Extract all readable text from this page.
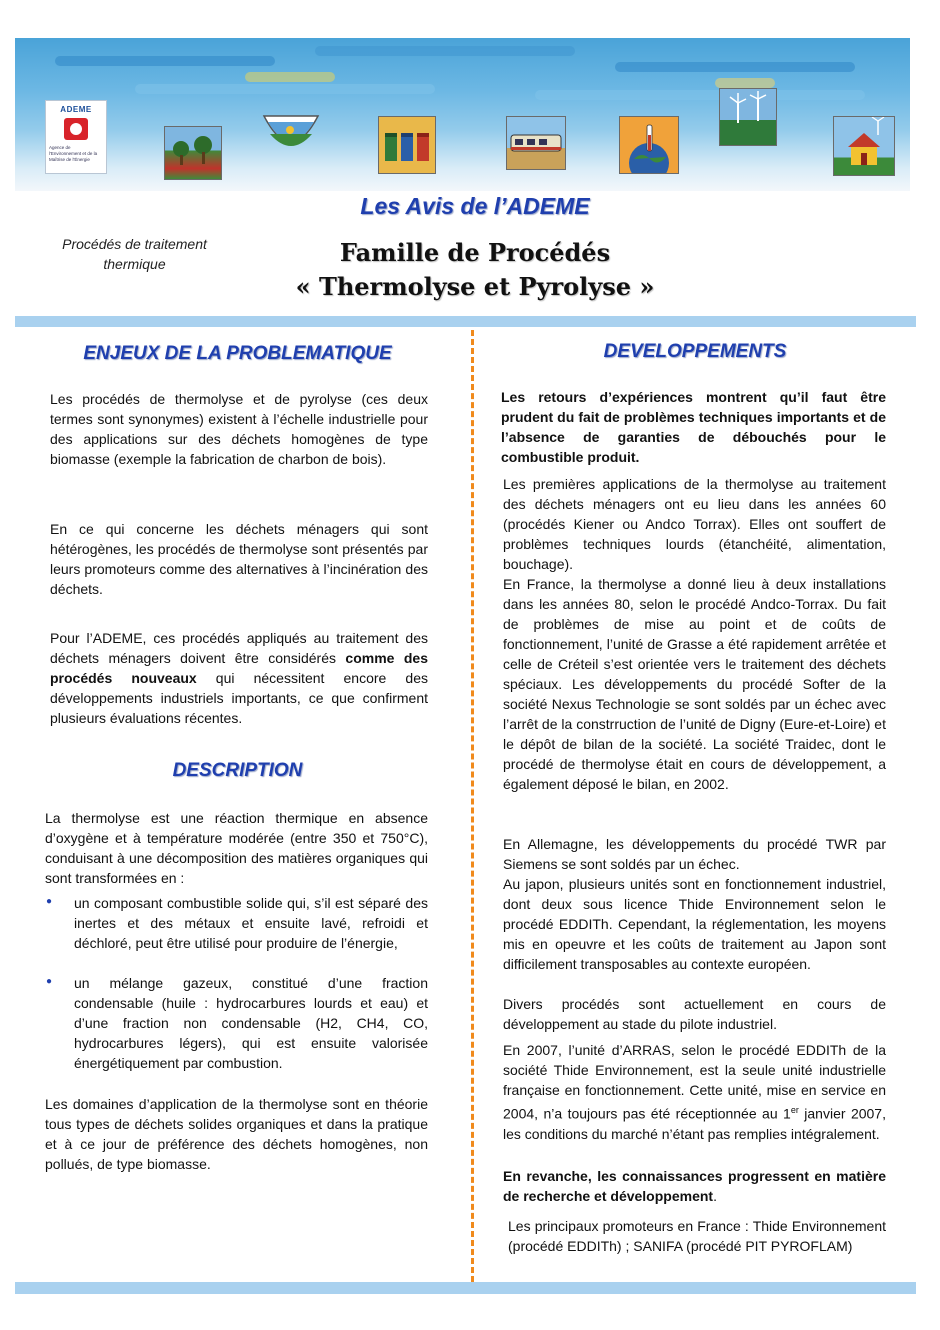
ADEME
Agence de l'Environnement et de la Maîtrise de l'Énergie
Les Avis de l’ADEME
Procédés de traitement
thermique	Famille de Procédés
« Thermolyse et Pyrolyse »
ENJEUX DE LA PROBLEMATIQUE
Les procédés de thermolyse et de pyrolyse (ces deux termes sont synonymes) existent à l’échelle industrielle pour des applications sur des déchets homogènes de type biomasse (exemple la fabrication de charbon de bois).
En ce qui concerne les déchets ménagers qui sont hétérogènes, les procédés de thermolyse sont présentés par leurs promoteurs comme des alternatives à l’incinération des déchets.
Pour l’ADEME, ces procédés appliqués au traitement des déchets ménagers doivent être considérés comme des procédés nouveaux qui nécessitent encore des développements industriels importants, ce que confirment plusieurs évaluations récentes.
DESCRIPTION
La thermolyse est une réaction thermique en absence d’oxygène et à température modérée (entre 350 et 750°C), conduisant à une décomposition des matières organiques qui sont transformées en :
● un composant combustible solide qui, s’il est séparé des inertes et des métaux et ensuite lavé, refroidi et déchloré, peut être utilisé pour produire de l’énergie,
● un mélange gazeux, constitué d’une fraction condensable (huile : hydrocarbures lourds et eau) et d’une fraction non condensable (H2, CH4, CO, hydrocarbures légers), qui est ensuite valorisée énergétiquement par combustion.
Les domaines d’application de la thermolyse sont en théorie tous types de déchets solides organiques et dans la pratique et à ce jour de préférence des déchets homogènes, non pollués, de type biomasse.
DEVELOPPEMENTS
Les retours d’expériences montrent qu’il faut être prudent du fait de problèmes techniques importants et de l’absence de garanties de débouchés pour le combustible produit.
Les premières applications de la thermolyse au traitement des déchets ménagers ont eu lieu dans les années 60 (procédés Kiener ou Andco Torrax). Elles ont souffert de problèmes techniques lourds (étanchéité, alimentation, bouchage).
En France, la thermolyse a donné lieu à deux installations dans les années 80, selon le procédé Andco-Torrax. Du fait de problèmes de mise au point et de coûts de fonctionnement, l’unité de Grasse a été rapidement arrêtée et celle de Créteil s’est orientée vers le traitement des déchets spéciaux. Les développements du procédé Softer de la société Nexus Technologie se sont soldés par un échec avec l’arrêt de la constrruction de l’unité de Digny (Eure-et-Loire) et le dépôt de bilan de la société. La société Traidec, dont le procédé de thermolyse était en cours de développement, a également déposé le bilan, en 2002.
En Allemagne, les développements du procédé TWR par Siemens se sont soldés par un échec.
Au japon, plusieurs unités sont en fonctionnement industriel, dont deux sous licence Thide Environnement selon le procédé EDDITh. Cependant, la réglementation, les moyens mis en opeuvre et les coûts de traitement au Japon sont difficilement transposables au contexte européen.
Divers procédés sont actuellement en cours de développement au stade du pilote industriel.
En 2007, l’unité d’ARRAS, selon le procédé EDDITh de la société Thide Environnement, est la seule unité industrielle française en fonctionnement. Cette unité, mise en service en 2004, n’a toujours pas été réceptionnée au 1er janvier 2007, les conditions du marché n’étant pas remplies intégralement.
En revanche, les connaissances progressent en matière de recherche et développement.
Les principaux promoteurs en France : Thide Environnement (procédé EDDITh) ; SANIFA (procédé PIT PYROFLAM)
